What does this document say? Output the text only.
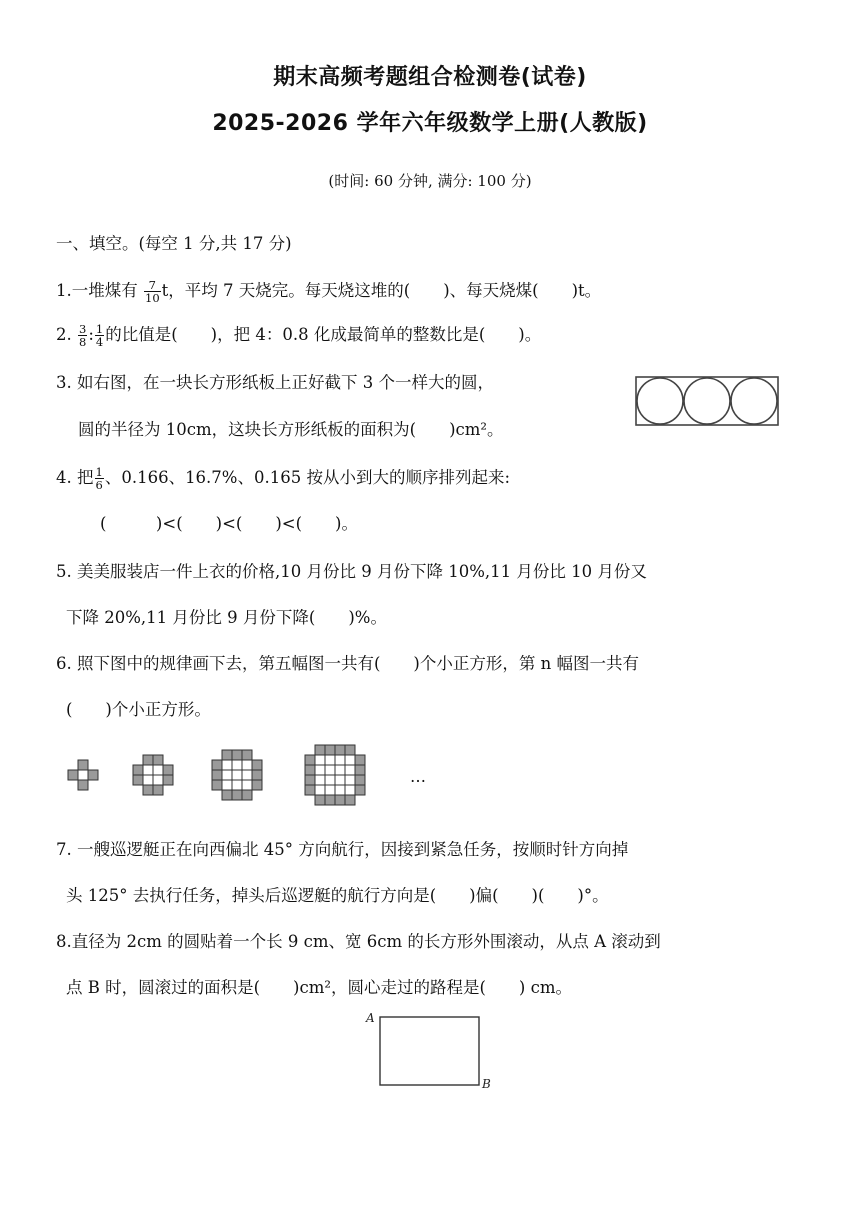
期末高频考题组合检测卷(试卷)
2025-2026 学年六年级数学上册(人教版)
(时间: 60 分钟, 满分: 100 分)
一、填空。(每空 1 分,共 17 分)
1.一堆煤有 $\frac{7}{10}$ t，平均 7 天烧完。每天烧这堆的(　　)、每天烧煤(　　)t。
2. $\frac{3}{8}$ : $\frac{1}{4}$ 的比值是(　　)，把 4：0.8 化成最简单的整数比是(　　)。
3. 如右图，在一块长方形纸板上正好截下 3 个一样大的圆，
圆的半径为 10cm，这块长方形纸板的面积为(　　)cm²。
4. 把 $\frac{1}{6}$ 、0.166、16.7%、0.165 按从小到大的顺序排列起来:
(　　　)<(　　)<(　　)<(　　)。
5. 美美服装店一件上衣的价格,10 月份比 9 月份下降 10%,11 月份比 10 月份又
下降 20%,11 月份比 9 月份下降(　　)%。
6. 照下图中的规律画下去，第五幅图一共有(　　)个小正方形，第 n 幅图一共有
(　　)个小正方形。
…
7. 一艘巡逻艇正在向西偏北 45° 方向航行，因接到紧急任务，按顺时针方向掉
头 125° 去执行任务，掉头后巡逻艇的航行方向是(　　)偏(　　)(　　)°。
8.直径为 2cm 的圆贴着一个长 9 cm、宽 6cm 的长方形外围滚动，从点 A 滚动到
点 B 时，圆滚过的面积是(　　)cm²，圆心走过的路程是(　　) cm。
A
B
